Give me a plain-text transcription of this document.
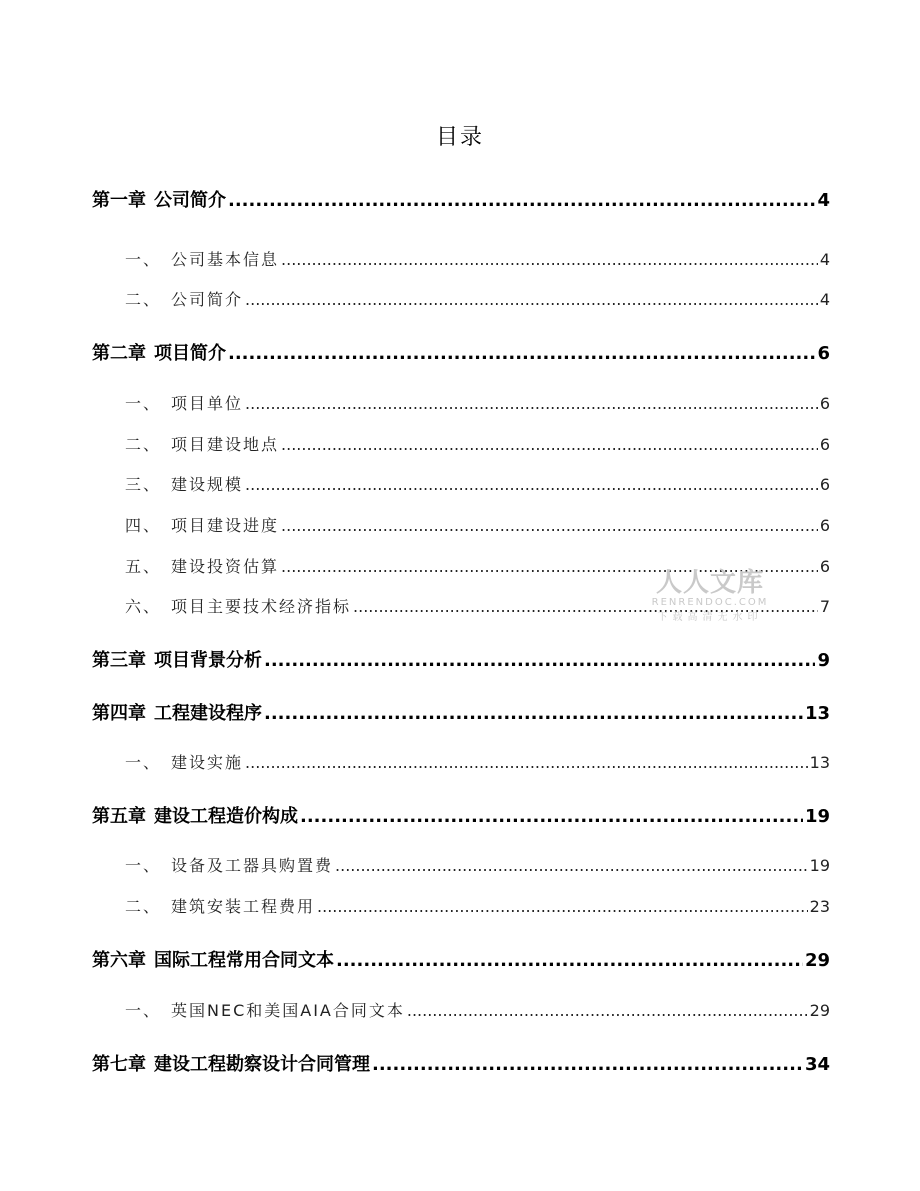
目录
第一章 公司简介 .....	4
一、 公司基本信息 .....	4
二、 公司简介 .....	4
第二章 项目简介 .....	6
一、 项目单位 .....	6
二、 项目建设地点 .....	6
三、 建设规模 .....	6
四、 项目建设进度 .....	6
五、 建设投资估算 .....	6
六、 项目主要技术经济指标 .....	7
第三章 项目背景分析 .....	9
第四章 工程建设程序 .....	13
一、 建设实施 .....	13
第五章 建设工程造价构成 .....	19
一、 设备及工器具购置费 .....	19
二、 建筑安装工程费用 .....	23
第六章 国际工程常用合同文本 .....	29
一、 英国NEC和美国AIA合同文本 .....	29
第七章 建设工程勘察设计合同管理 .....	34
人人文库
RENRENDOC.COM
下载高清无水印
